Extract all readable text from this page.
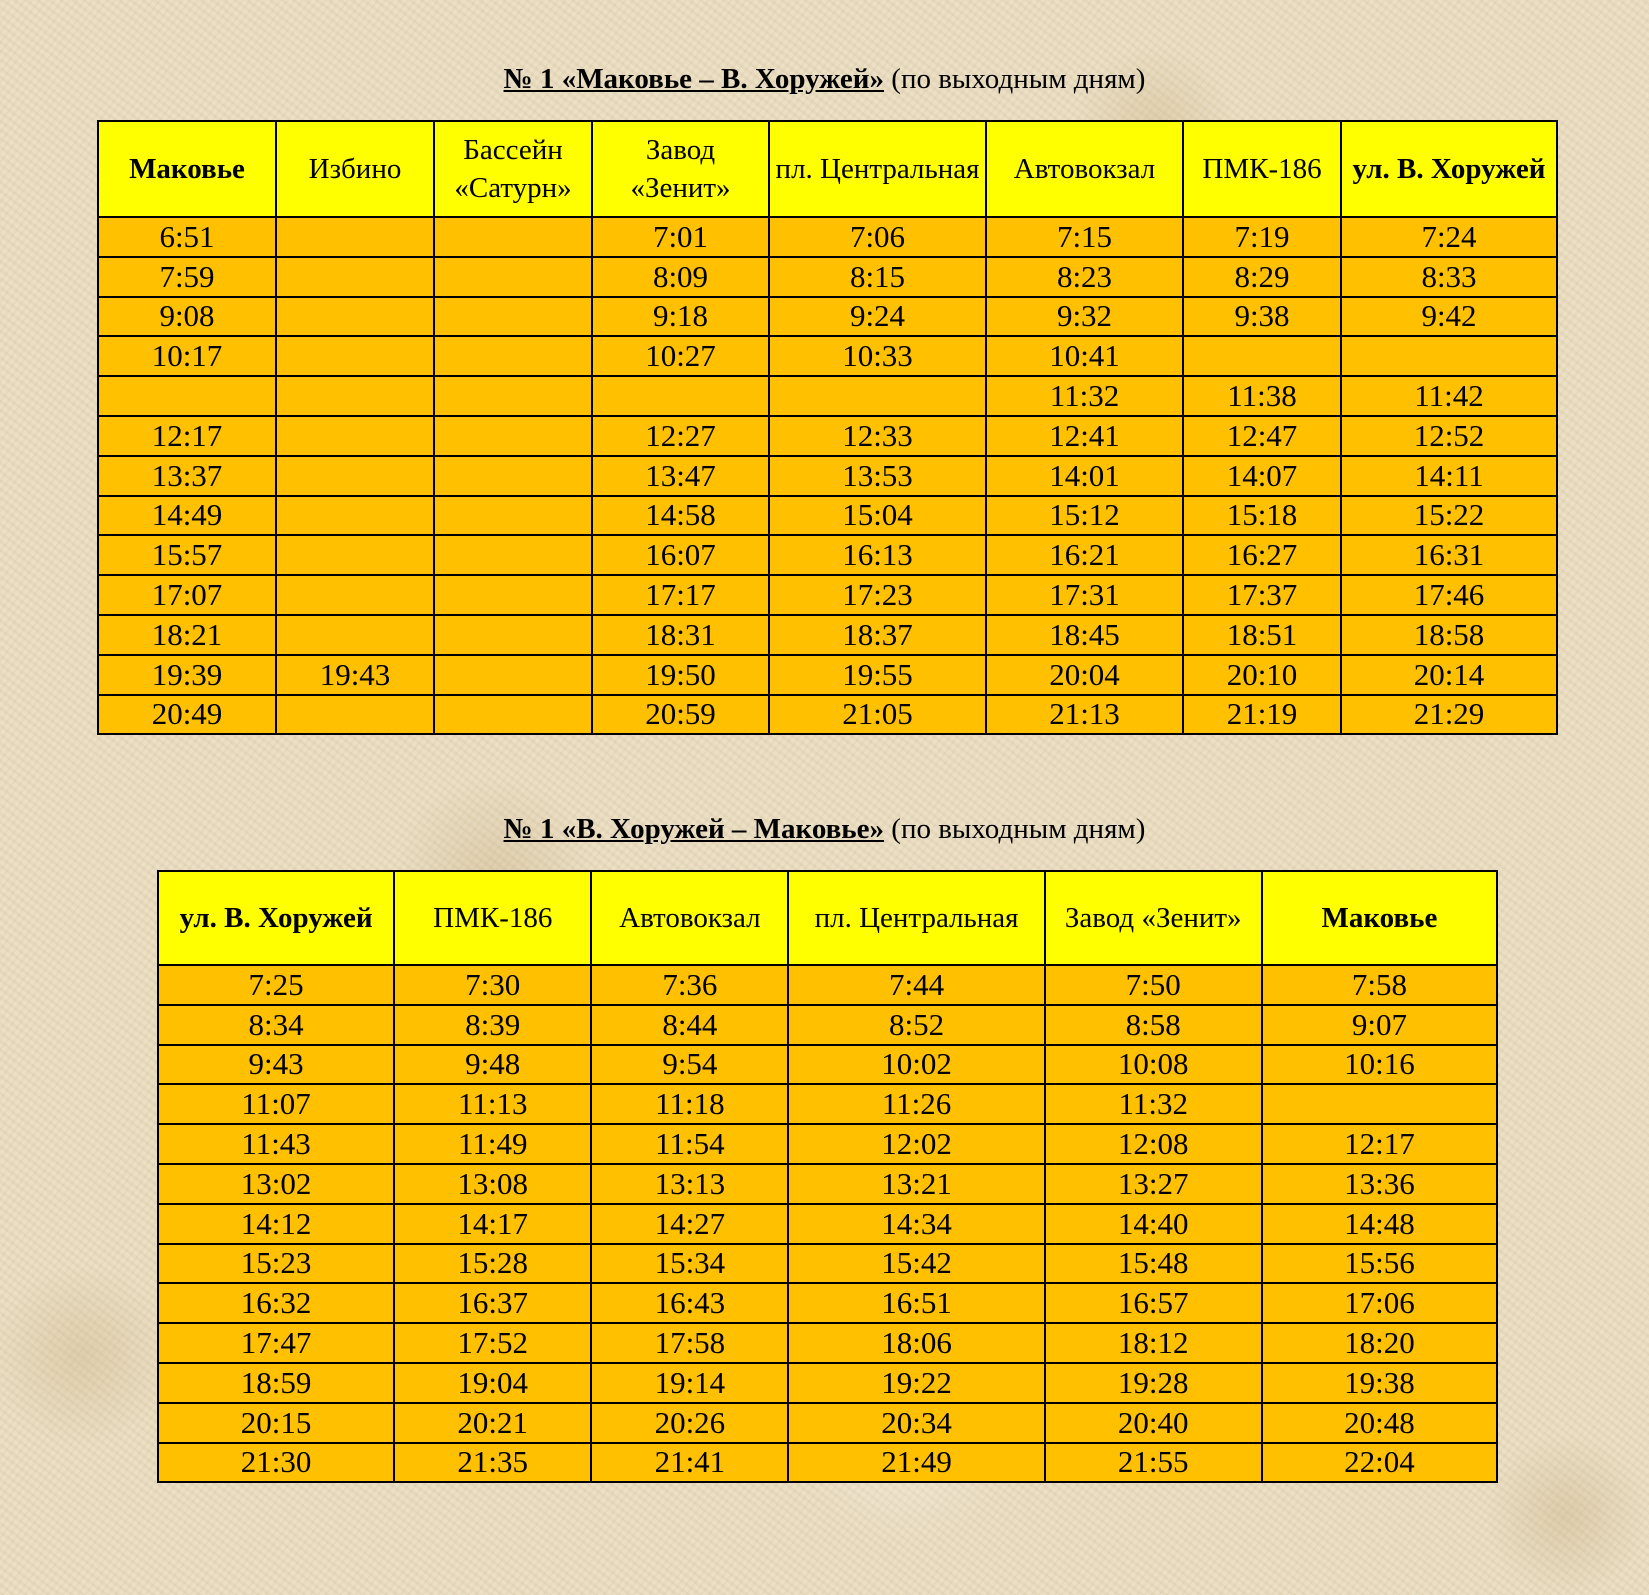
№ 1 «Маковье – В. Хоружей» (по выходным дням)
Маковье	Избино	Бассейн «Сатурн»	Завод «Зенит»	пл. Центральная	Автовокзал	ПМК-186	ул. В. Хоружей
6:51			7:01	7:06	7:15	7:19	7:24
7:59			8:09	8:15	8:23	8:29	8:33
9:08			9:18	9:24	9:32	9:38	9:42
10:17			10:27	10:33	10:41		
					11:32	11:38	11:42
12:17			12:27	12:33	12:41	12:47	12:52
13:37			13:47	13:53	14:01	14:07	14:11
14:49			14:58	15:04	15:12	15:18	15:22
15:57			16:07	16:13	16:21	16:27	16:31
17:07			17:17	17:23	17:31	17:37	17:46
18:21			18:31	18:37	18:45	18:51	18:58
19:39	19:43		19:50	19:55	20:04	20:10	20:14
20:49			20:59	21:05	21:13	21:19	21:29
№ 1 «В. Хоружей – Маковье» (по выходным дням)
ул. В. Хоружей	ПМК-186	Автовокзал	пл. Центральная	Завод «Зенит»	Маковье
7:25	7:30	7:36	7:44	7:50	7:58
8:34	8:39	8:44	8:52	8:58	9:07
9:43	9:48	9:54	10:02	10:08	10:16
11:07	11:13	11:18	11:26	11:32	
11:43	11:49	11:54	12:02	12:08	12:17
13:02	13:08	13:13	13:21	13:27	13:36
14:12	14:17	14:27	14:34	14:40	14:48
15:23	15:28	15:34	15:42	15:48	15:56
16:32	16:37	16:43	16:51	16:57	17:06
17:47	17:52	17:58	18:06	18:12	18:20
18:59	19:04	19:14	19:22	19:28	19:38
20:15	20:21	20:26	20:34	20:40	20:48
21:30	21:35	21:41	21:49	21:55	22:04
